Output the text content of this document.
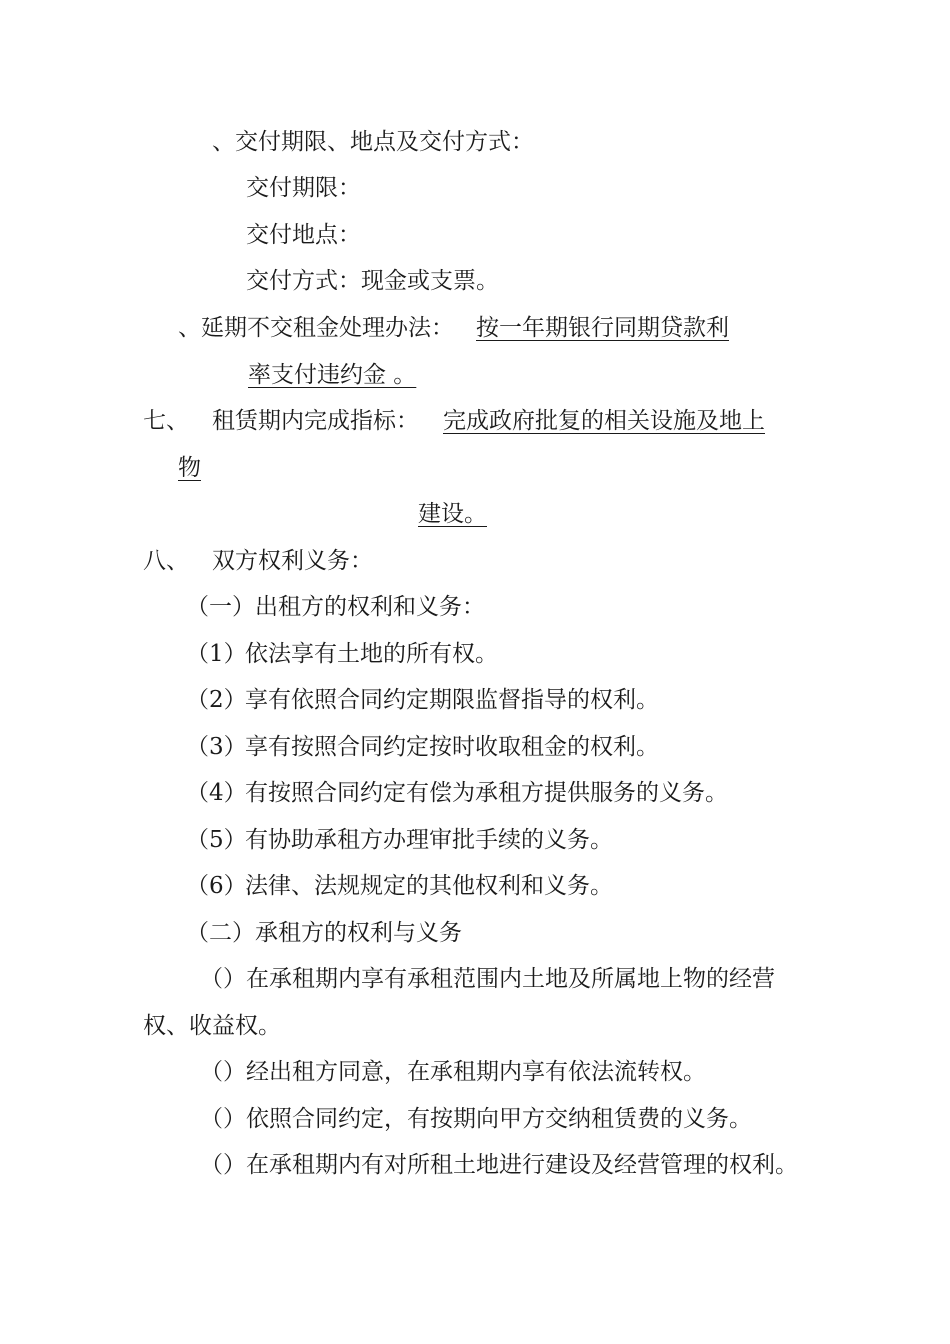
、交付期限、地点及交付方式：
交付期限：
交付地点：
交付方式：现金或支票。
、延期不交租金处理办法： 按一年期银行同期贷款利
率支付违约金 。
七、 租赁期内完成指标： 完成政府批复的相关设施及地上
物
建设。
八、 双方权利义务：
（一）出租方的权利和义务：
（1）
依法享有土地的所有权。
（2）
享有依照合同约定期限监督指导的权利。
（3）
享有按照合同约定按时收取租金的权利。
（4）
有按照合同约定有偿为承租方提供服务的义务。
（5）
有协助承租方办理审批手续的义务。
（6）
法律、法规规定的其他权利和义务。
（二）承租方的权利与义务
（）在承租期内享有承租范围内土地及所属地上物的经营
权、收益权。
（）经出租方同意，在承租期内享有依法流转权。
（）依照合同约定，有按期向甲方交纳租赁费的义务。
（）在承租期内有对所租土地进行建设及经营管理的权利。
